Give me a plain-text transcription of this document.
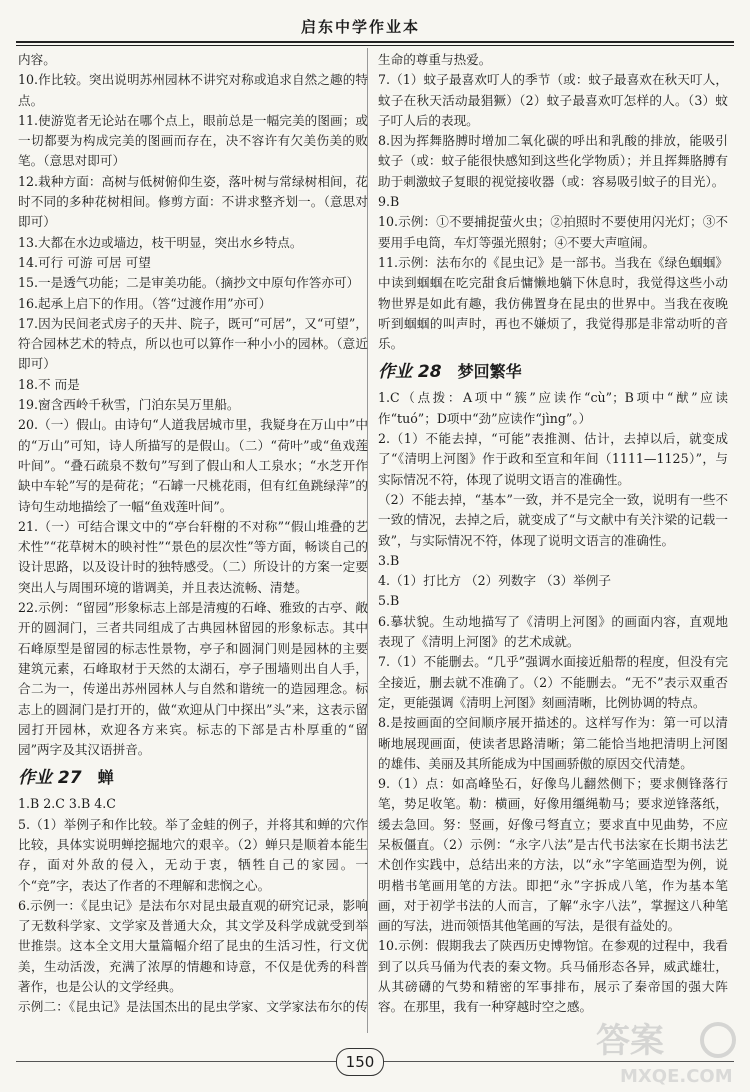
启东中学作业本

内容。

10.作比较。突出说明苏州园林不讲究对称或追求自然之趣的特点。

11.使游览者无论站在哪个点上，眼前总是一幅完美的图画；或一切都要为构成完美的图画而存在，决不容许有欠美伤美的败笔。（意思对即可）

12.栽种方面：高树与低树俯仰生姿，落叶树与常绿树相间，花时不同的多种花树相间。修剪方面：不讲求整齐划一。（意思对即可）

13.大都在水边或墙边，枝干明显，突出水乡特点。

14.可行 可游 可居 可望

15.一是透气功能；二是审美功能。（摘抄文中原句作答亦可）

16.起承上启下的作用。（答“过渡作用”亦可）

17.因为民间老式房子的天井、院子，既可“可居”，又“可望”，符合园林艺术的特点，所以也可以算作一种小小的园林。（意近即可）

18.不 而是

19.窗含西岭千秋雪，门泊东吴万里船。

20.（一）假山。由诗句“人道我居城市里，我疑身在万山中”中的“万山”可知，诗人所描写的是假山。（二）“荷叶”或“鱼戏莲叶间”。“叠石疏泉不数句”写到了假山和人工泉水；“水芝开作缺中车轮”写的是荷花；“石罅一尺桃花雨，但有红鱼跳绿萍”的诗句生动地描绘了一幅“鱼戏莲叶间”。

21.（一）可结合课文中的“亭台轩榭的不对称”“假山堆叠的艺术性”“花草树木的映衬性”“景色的层次性”等方面，畅谈自己的设计思路，以及设计时的独特感受。（二）所设计的方案一定要突出人与周围环境的谐调美，并且表达流畅、清楚。

22.示例：“留园”形象标志上部是清瘦的石峰、雅致的古亭、敞开的圆洞门，三者共同组成了古典园林留园的形象标志。其中石峰原型是留园的标志性景物，亭子和圆洞门则是园林的主要建筑元素，石峰取材于天然的太湖石，亭子围墙则出自人手，合二为一，传递出苏州园林人与自然和谐统一的造园理念。标志上的圆洞门是打开的，做“欢迎从门中探出”头”来，这表示留园打开园林，欢迎各方来宾。标志的下部是古朴厚重的“留园”两字及其汉语拼音。

作业 27　 蝉

1.B 2.C 3.B 4.C

5.（1）举例子和作比较。举了金蛙的例子，并将其和蝉的穴作比较，具体实说明蝉挖掘地穴的艰辛。（2）蝉只是顺着本能生存，面对外敌的侵入，无动于衷，牺牲自己的家园。一个“竞”字，表达了作者的不理解和悲悯之心。

6.示例一：《昆虫记》是法布尔对昆虫最直观的研究记录，影响了无数科学家、文学家及普通大众，其文学及科学成就受到举世推崇。这本全文用大量篇幅介绍了昆虫的生活习性，行文优美，生动活泼，充满了浓厚的情趣和诗意，不仅是优秀的科普著作，也是公认的文学经典。

示例二：《昆虫记》是法国杰出的昆虫学家、文学家法布尔的传

生命的尊重与热爱。

7.（1）蚊子最喜欢叮人的季节（或：蚊子最喜欢在秋天叮人，蚊子在秋天活动最猖獗）（2）蚊子最喜欢叮怎样的人。（3）蚊子叮人后的表现。

8.因为挥舞胳膊时增加二氧化碳的呼出和乳酸的排放，能吸引蚊子（或：蚊子能很快感知到这些化学物质）；并且挥舞胳膊有助于刺激蚊子复眼的视觉接收器（或：容易吸引蚊子的目光）。

9.B

10.示例：①不要捕捉萤火虫；②拍照时不要使用闪光灯；③不要用手电筒，车灯等强光照射；④不要大声喧闹。

11.示例：法布尔的《昆虫记》是一部书。当我在《绿色蝈蝈》中读到蝈蝈在吃完甜食后慵懒地躺下休息时，我觉得这些小动物世界是如此有趣，我仿佛置身在昆虫的世界中。当我在夜晚听到蝈蝈的叫声时，再也不嫌烦了，我觉得那是非常动听的音乐。

作业 28　 梦回繁华

1.C（点拨：A项中“簇”应读作“cù”；B项中“猷”应读作“tuó”；D项中“劲”应读作“jìng”。）

2.（1）不能去掉，“可能”表推测、估计，去掉以后，就变成了“《清明上河图》作于政和至宣和年间（1111—1125）”，与实际情况不符，体现了说明文语言的准确性。

（2）不能去掉，“基本”一致，并不是完全一致，说明有一些不一致的情况，去掉之后，就变成了“与文献中有关汴梁的记载一致”，与实际情况不符，体现了说明文语言的准确性。

3.B

4.（1）打比方 （2）列数字 （3）举例子

5.B

6.摹状貌。生动地描写了《清明上河图》的画面内容，直观地表现了《清明上河图》的艺术成就。

7.（1）不能删去。“几乎”强调水面接近船帮的程度，但没有完全接近，删去就不准确了。（2）不能删去。“无不”表示双重否定，更能强调《清明上河图》刻画清晰，比例协调的特点。

8.是按画面的空间顺序展开描述的。这样写作为：第一可以清晰地展现画面，使读者思路清晰；第二能恰当地把清明上河图的雄伟、美丽及其所能成为中国画骄傲的原因交代清楚。

9.（1）点：如高峰坠石，好像鸟儿翻然侧下；要求侧锋落行笔，势足收笔。勒：横画，好像用缰绳勒马；要求逆锋落纸，缓去急回。努：竖画，好像弓弩直立；要求直中见曲势，不应呆板僵直。（2）示例：“永字八法”是古代书法家在长期书法艺术创作实践中，总结出来的方法，以“永”字笔画造型为例，说明楷书笔画用笔的方法。即把“永”字拆成八笔，作为基本笔画，对于初学书法的人而言，了解“永字八法”，掌握这八种笔画的写法，进而领悟其他笔画的写法，是很有益处的。

10.示例：假期我去了陕西历史博物馆。在参观的过程中，我看到了以兵马俑为代表的秦文物。兵马俑形态各异，威武雄壮，从其磅礴的气势和精密的军事排布，展示了秦帝国的强大阵容。在那里，我有一种穿越时空之感。

150
答案
MXQE.COM
